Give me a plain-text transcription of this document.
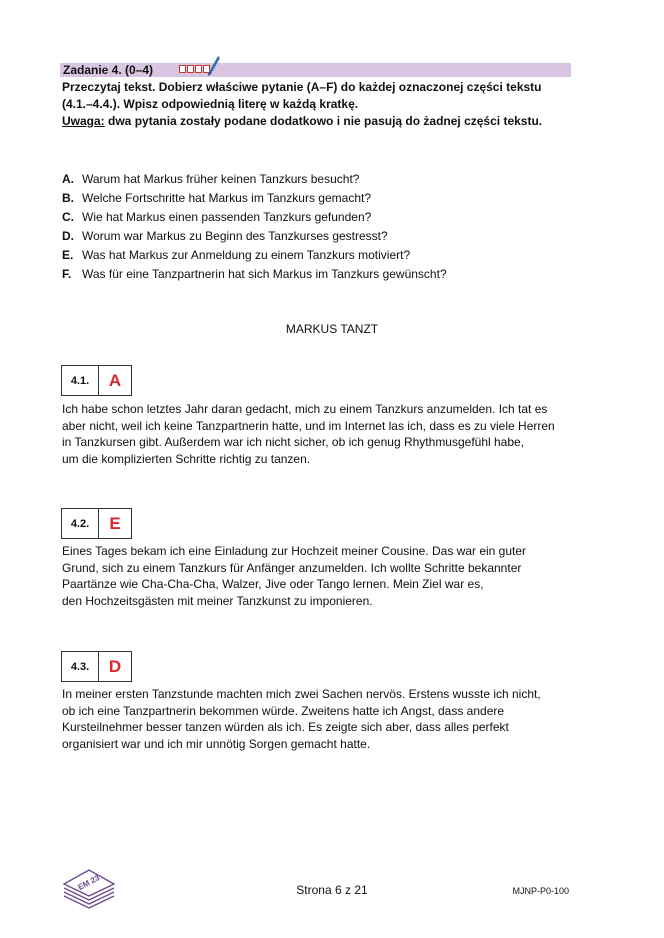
Zadanie 4. (0–4)
Przeczytaj tekst. Dobierz właściwe pytanie (A–F) do każdej oznaczonej części tekstu
(4.1.–4.4.). Wpisz odpowiednią literę w każdą kratkę.
Uwaga: dwa pytania zostały podane dodatkowo i nie pasują do żadnej części tekstu.
A. Warum hat Markus früher keinen Tanzkurs besucht?
B. Welche Fortschritte hat Markus im Tanzkurs gemacht?
C. Wie hat Markus einen passenden Tanzkurs gefunden?
D. Worum war Markus zu Beginn des Tanzkurses gestresst?
E. Was hat Markus zur Anmeldung zu einem Tanzkurs motiviert?
F. Was für eine Tanzpartnerin hat sich Markus im Tanzkurs gewünscht?
MARKUS TANZT
4.1.	A

Ich habe schon letztes Jahr daran gedacht, mich zu einem Tanzkurs anzumelden. Ich tat es
aber nicht, weil ich keine Tanzpartnerin hatte, und im Internet las ich, dass es zu viele Herren
in Tanzkursen gibt. Außerdem war ich nicht sicher, ob ich genug Rhythmusgefühl habe,
um die komplizierten Schritte richtig zu tanzen.

4.2.	E

Eines Tages bekam ich eine Einladung zur Hochzeit meiner Cousine. Das war ein guter
Grund, sich zu einem Tanzkurs für Anfänger anzumelden. Ich wollte Schritte bekannter
Paartänze wie Cha-Cha-Cha, Walzer, Jive oder Tango lernen. Mein Ziel war es,
den Hochzeitsgästen mit meiner Tanzkunst zu imponieren.

4.3.	D

In meiner ersten Tanzstunde machten mich zwei Sachen nervös. Erstens wusste ich nicht,
ob ich eine Tanzpartnerin bekommen würde. Zweitens hatte ich Angst, dass andere
Kursteilnehmer besser tanzen würden als ich. Es zeigte sich aber, dass alles perfekt
organisiert war und ich mir unnötig Sorgen gemacht hatte.

EM 23	Strona 6 z 21	MJNP-P0-100
